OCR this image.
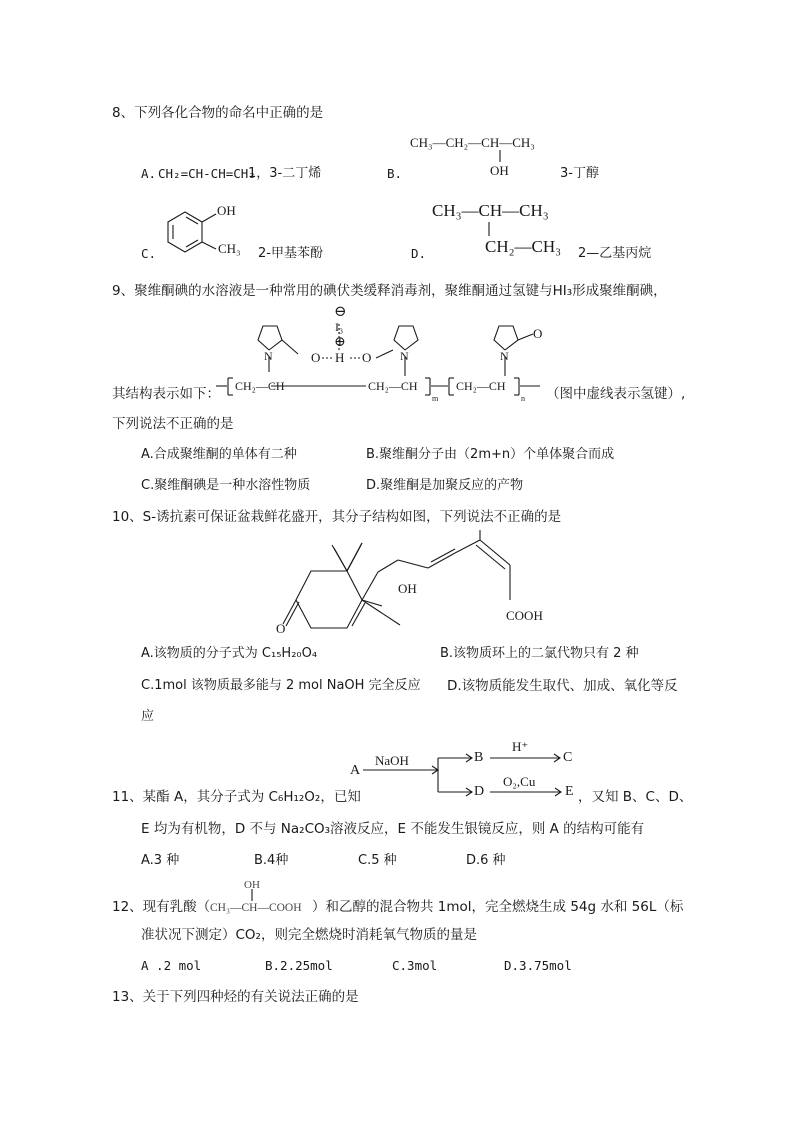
8、下列各化合物的命名中正确的是
A. CH₂=CH-CH=CH₂
1，3-二丁烯	B.
CH₃—CH₂—CH—CH₃
OH	3-丁醇
C.
OH
CH₃ 2-甲基苯酚	D.
CH₃—CH—CH₃
CH₂—CH₃ 2—乙基丙烷
9、聚维酮碘的水溶液是一种常用的碘伏类缓释消毒剂，聚维酮通过氢键与HI₃形成聚维酮碘，
⊖
I₃
⊕
H
N	O	O N	N
O
CH₂—CH	CH₂—CH
m
CH₂—CH
n
其结构表示如下：	（图中虚线表示氢键）,
下列说法不正确的是
A.合成聚维酮的单体有二种	B.聚维酮分子由（2m+n）个单体聚合而成
C.聚维酮碘是一种水溶性物质	D.聚维酮是加聚反应的产物
10、S-诱抗素可保证盆栽鲜花盛开，其分子结构如图，下列说法不正确的是
OH
O
COOH
A.该物质的分子式为 C₁₅H₂₀O₄	B.该物质环上的二氯代物只有 2 种
C.1mol 该物质最多能与 2 mol NaOH 完全反应 D.该物质能发生取代、加成、氧化等反
应
A
NaOH	B
H⁺
C
D
O₂,Cu
E
11、某酯 A，其分子式为 C₆H₁₂O₂，已知	，又知 B、C、D、
E 均为有机物，D 不与 Na₂CO₃溶液反应，E 不能发生银镜反应，则 A 的结构可能有
A.3 种	B.4种	C.5 种	D.6 种
12、现有乳酸（
OH
CH₃—CH—COOH ）和乙醇的混合物共 1mol，完全燃烧生成 54g 水和 56L（标
准状况下测定）CO₂，则完全燃烧时消耗氧气物质的量是
A .2 mol	B.2.25mol	C.3mol	D.3.75mol
13、关于下列四种烃的有关说法正确的是
